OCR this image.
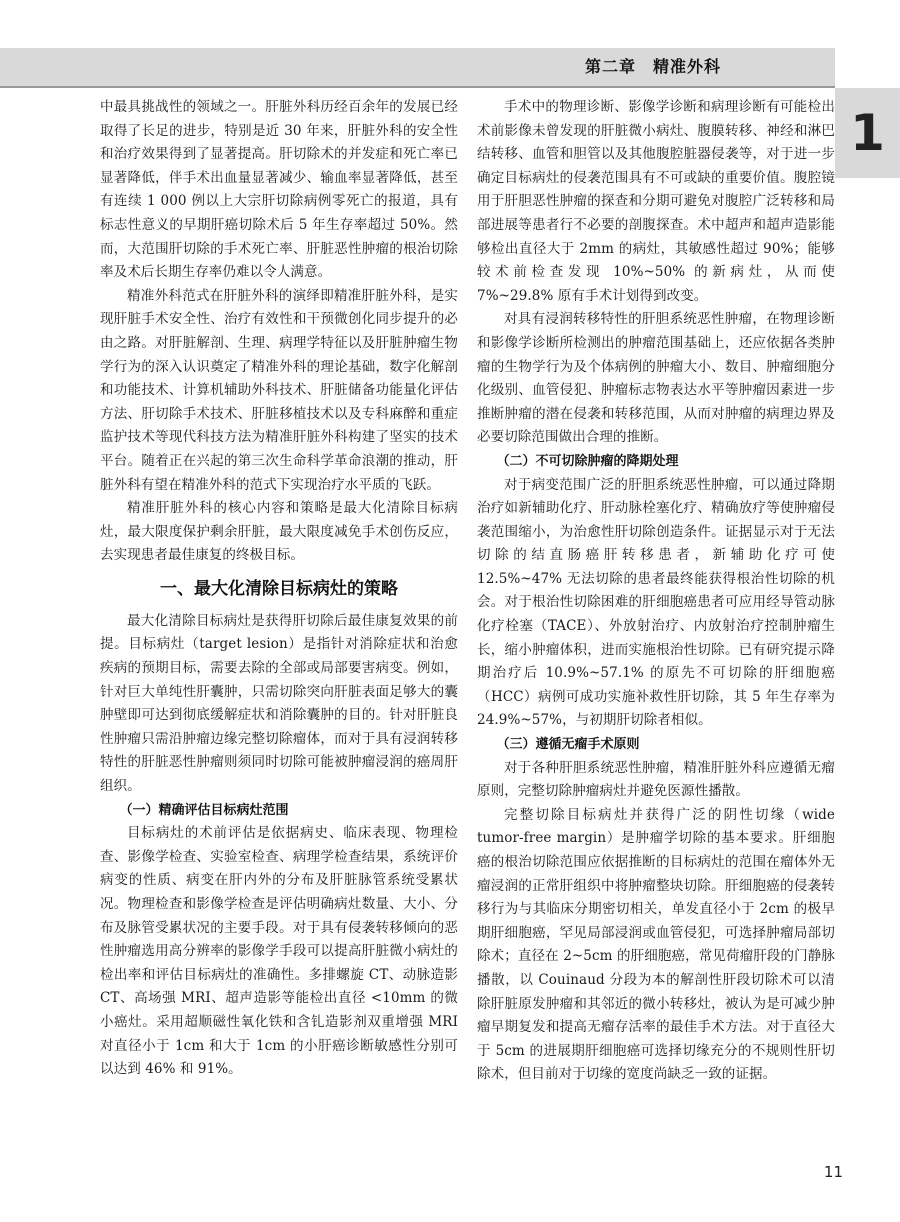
第二章　精准外科
1

中最具挑战性的领域之一。肝脏外科历经百余年的发展已经取得了长足的进步，特别是近 30 年来，肝脏外科的安全性和治疗效果得到了显著提高。肝切除术的并发症和死亡率已显著降低，伴手术出血量显著减少、输血率显著降低，甚至有连续 1 000 例以上大宗肝切除病例零死亡的报道，具有标志性意义的早期肝癌切除术后 5 年生存率超过 50%。然而，大范围肝切除的手术死亡率、肝脏恶性肿瘤的根治切除率及术后长期生存率仍难以令人满意。

精准外科范式在肝脏外科的演绎即精准肝脏外科，是实现肝脏手术安全性、治疗有效性和干预微创化同步提升的必由之路。对肝脏解剖、生理、病理学特征以及肝脏肿瘤生物学行为的深入认识奠定了精准外科的理论基础，数字化解剖和功能技术、计算机辅助外科技术、肝脏储备功能量化评估方法、肝切除手术技术、肝脏移植技术以及专科麻醉和重症监护技术等现代科技方法为精准肝脏外科构建了坚实的技术平台。随着正在兴起的第三次生命科学革命浪潮的推动，肝脏外科有望在精准外科的范式下实现治疗水平质的飞跃。

精准肝脏外科的核心内容和策略是最大化清除目标病灶，最大限度保护剩余肝脏，最大限度减免手术创伤反应，去实现患者最佳康复的终极目标。

一、最大化清除目标病灶的策略

最大化清除目标病灶是获得肝切除后最佳康复效果的前提。目标病灶（target lesion）是指针对消除症状和治愈疾病的预期目标，需要去除的全部或局部要害病变。例如，针对巨大单纯性肝囊肿，只需切除突向肝脏表面足够大的囊肿壁即可达到彻底缓解症状和消除囊肿的目的。针对肝脏良性肿瘤只需沿肿瘤边缘完整切除瘤体，而对于具有浸润转移特性的肝脏恶性肿瘤则须同时切除可能被肿瘤浸润的癌周肝组织。

（一）精确评估目标病灶范围

目标病灶的术前评估是依据病史、临床表现、物理检查、影像学检查、实验室检查、病理学检查结果，系统评价病变的性质、病变在肝内外的分布及肝脏脉管系统受累状况。物理检查和影像学检查是评估明确病灶数量、大小、分布及脉管受累状况的主要手段。对于具有侵袭转移倾向的恶性肿瘤选用高分辨率的影像学手段可以提高肝脏微小病灶的检出率和评估目标病灶的准确性。多排螺旋 CT、动脉造影 CT、高场强 MRI、超声造影等能检出直径 <10mm 的微小癌灶。采用超顺磁性氧化铁和含钆造影剂双重增强 MRI 对直径小于 1cm 和大于 1cm 的小肝癌诊断敏感性分别可以达到 46% 和 91%。

手术中的物理诊断、影像学诊断和病理诊断有可能检出术前影像未曾发现的肝脏微小病灶、腹膜转移、神经和淋巴结转移、血管和胆管以及其他腹腔脏器侵袭等，对于进一步确定目标病灶的侵袭范围具有不可或缺的重要价值。腹腔镜用于肝胆恶性肿瘤的探查和分期可避免对腹腔广泛转移和局部进展等患者行不必要的剖腹探查。术中超声和超声造影能够检出直径大于 2mm 的病灶，其敏感性超过 90%；能够较术前检查发现 10%~50% 的新病灶，从而使 7%~29.8% 原有手术计划得到改变。

对具有浸润转移特性的肝胆系统恶性肿瘤，在物理诊断和影像学诊断所检测出的肿瘤范围基础上，还应依据各类肿瘤的生物学行为及个体病例的肿瘤大小、数目、肿瘤细胞分化级别、血管侵犯、肿瘤标志物表达水平等肿瘤因素进一步推断肿瘤的潜在侵袭和转移范围，从而对肿瘤的病理边界及必要切除范围做出合理的推断。

（二）不可切除肿瘤的降期处理

对于病变范围广泛的肝胆系统恶性肿瘤，可以通过降期治疗如新辅助化疗、肝动脉栓塞化疗、精确放疗等使肿瘤侵袭范围缩小，为治愈性肝切除创造条件。证据显示对于无法切除的结直肠癌肝转移患者，新辅助化疗可使 12.5%~47% 无法切除的患者最终能获得根治性切除的机会。对于根治性切除困难的肝细胞癌患者可应用经导管动脉化疗栓塞（TACE）、外放射治疗、内放射治疗控制肿瘤生长，缩小肿瘤体积，进而实施根治性切除。已有研究提示降期治疗后 10.9%~57.1% 的原先不可切除的肝细胞癌（HCC）病例可成功实施补救性肝切除，其 5 年生存率为 24.9%~57%，与初期肝切除者相似。

（三）遵循无瘤手术原则

对于各种肝胆系统恶性肿瘤，精准肝脏外科应遵循无瘤原则，完整切除肿瘤病灶并避免医源性播散。

完整切除目标病灶并获得广泛的阴性切缘（wide tumor-free margin）是肿瘤学切除的基本要求。肝细胞癌的根治切除范围应依据推断的目标病灶的范围在瘤体外无瘤浸润的正常肝组织中将肿瘤整块切除。肝细胞癌的侵袭转移行为与其临床分期密切相关，单发直径小于 2cm 的极早期肝细胞癌，罕见局部浸润或血管侵犯，可选择肿瘤局部切除术；直径在 2~5cm 的肝细胞癌，常见荷瘤肝段的门静脉播散，以 Couinaud 分段为本的解剖性肝段切除术可以清除肝脏原发肿瘤和其邻近的微小转移灶，被认为是可减少肿瘤早期复发和提高无瘤存活率的最佳手术方法。对于直径大于 5cm 的进展期肝细胞癌可选择切缘充分的不规则性肝切除术，但目前对于切缘的宽度尚缺乏一致的证据。

11
